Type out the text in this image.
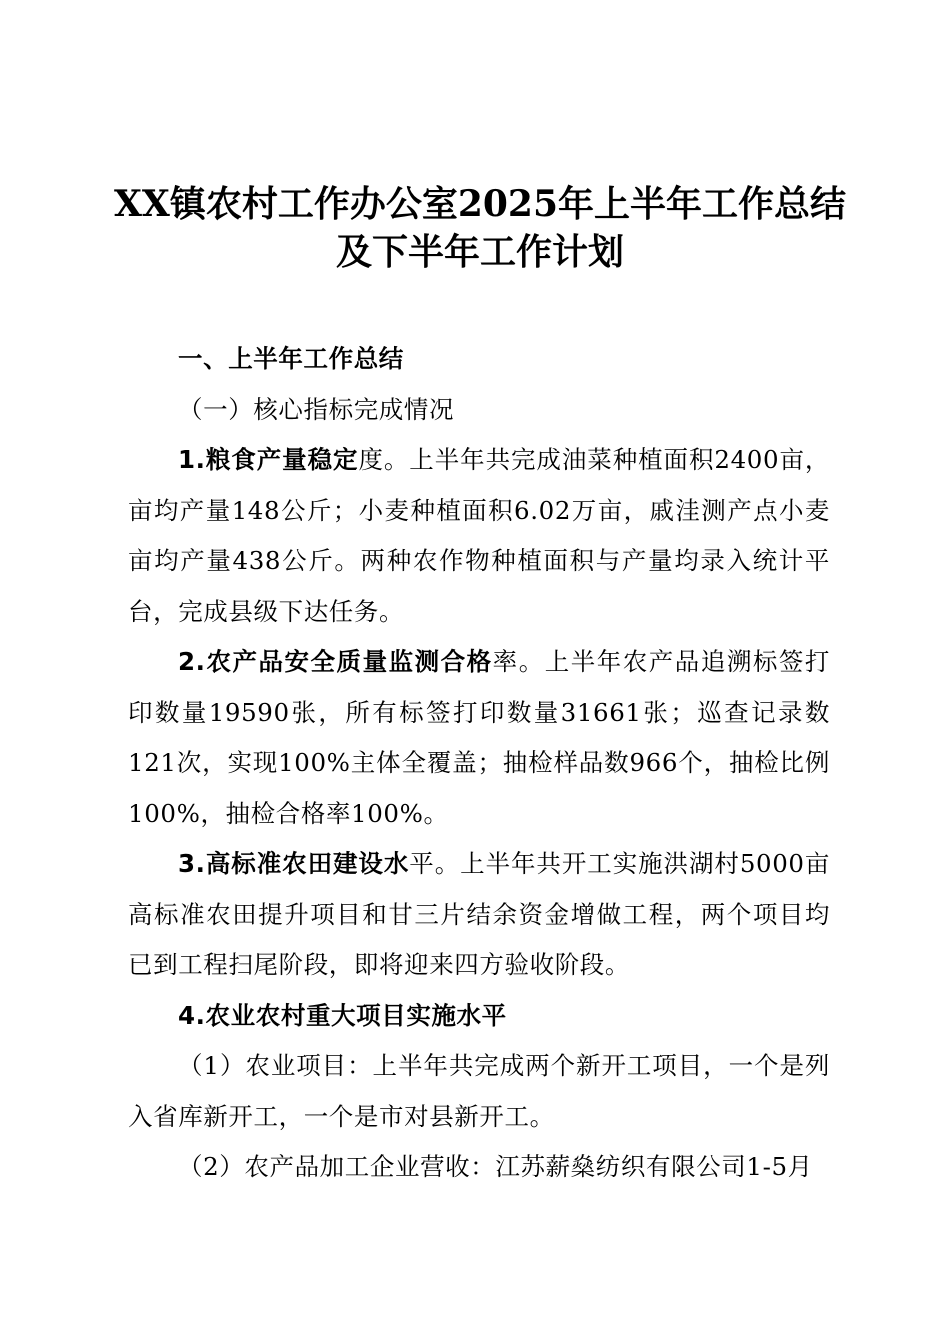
XX镇农村工作办公室2025年上半年工作总结
及下半年工作计划

一、上半年工作总结

（一）核心指标完成情况

1.粮食产量稳定度。上半年共完成油菜种植面积2400亩，亩均产量148公斤；小麦种植面积6.02万亩，戚洼测产点小麦亩均产量438公斤。两种农作物种植面积与产量均录入统计平台，完成县级下达任务。

2.农产品安全质量监测合格率。上半年农产品追溯标签打印数量19590张，所有标签打印数量31661张；巡查记录数121次，实现100%主体全覆盖；抽检样品数966个，抽检比例100%，抽检合格率100%。

3.高标准农田建设水平。上半年共开工实施洪湖村5000亩高标准农田提升项目和甘三片结余资金增做工程，两个项目均已到工程扫尾阶段，即将迎来四方验收阶段。

4.农业农村重大项目实施水平

（1）农业项目：上半年共完成两个新开工项目，一个是列入省库新开工，一个是市对县新开工。

（2）农产品加工企业营收：江苏薪燊纺织有限公司1-5月
